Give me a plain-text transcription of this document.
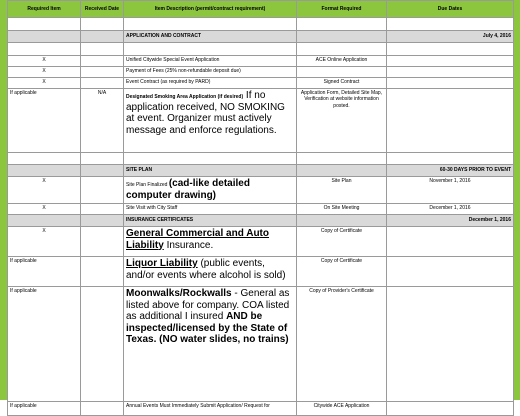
Required Item	Received Date	Item Description (permit/contract requirement)	Format Required	Due Dates

		APPLICATION AND CONTRACT		July 4, 2016

X		Unified Citywide Special Event Application	ACE Online Application	
X		Payment of Fees (25% non-refundable deposit due)		
X		Event Contract (as required by PARD)	Signed Contract	
If applicable	N/A	Designated Smoking Area Application (if desired) If no application received, NO SMOKING at event. Organizer must actively message and enforce regulations.	Application Form, Detailed Site Map, Verification at website information posted.	

		SITE PLAN		60-30 DAYS PRIOR TO EVENT
X		Site Plan Finalized (cad-like detailed computer drawing)	Site Plan	November 1, 2016
X		Site Visit with City Staff	On Site Meeting	December 1, 2016
		INSURANCE CERTIFICATES		December 1, 2016
X		General Commercial and Auto Liability Insurance.	Copy of Certificate	
If applicable		Liquor Liability (public events, and/or events where alcohol is sold)	Copy of Certificate	
If applicable		Moonwalks/Rockwalls - General as listed above for company. COA listed as additional I insured AND be inspected/licensed by the State of Texas. (NO water slides, no trains)	Copy of Provider's Certificate	
If applicable		Annual Events Must Immediately Submit Application/ Request for	Citywide ACE Application	
